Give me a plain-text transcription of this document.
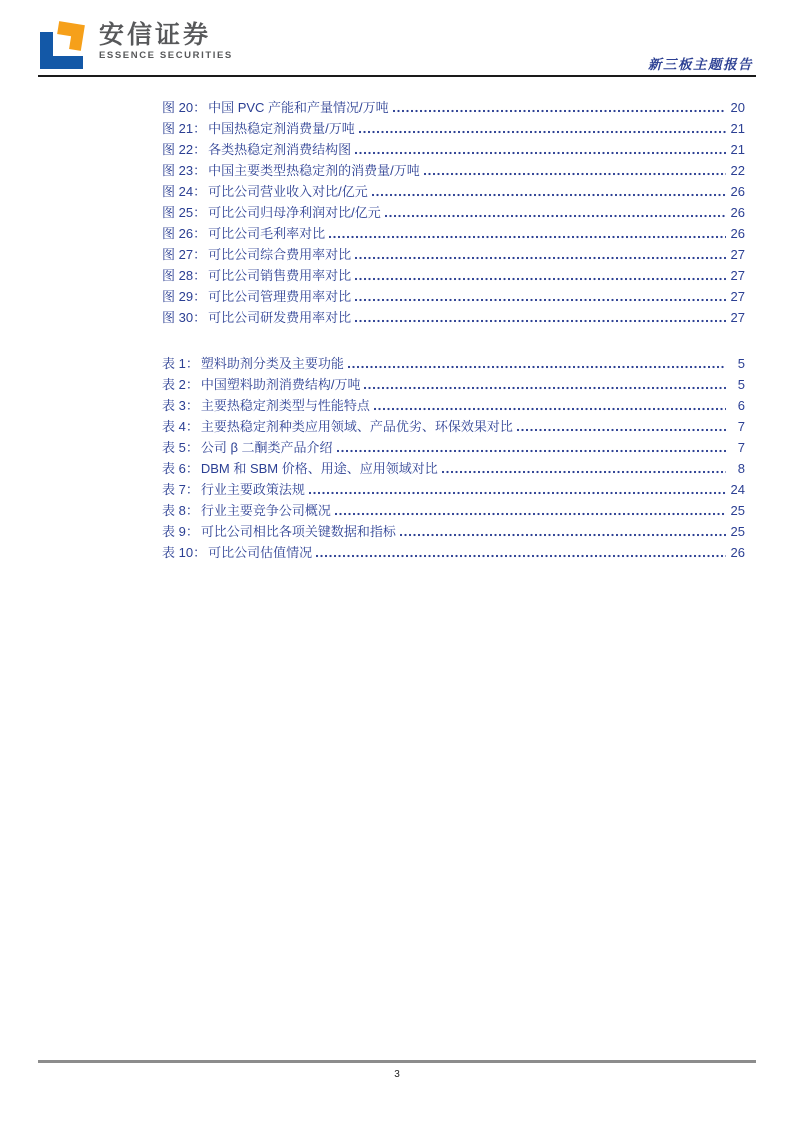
安信证券
ESSENCE SECURITIES
新三板主题报告
图 20： 中国 PVC 产能和产量情况/万吨	20
图 21： 中国热稳定剂消费量/万吨	21
图 22： 各类热稳定剂消费结构图	21
图 23： 中国主要类型热稳定剂的消费量/万吨	22
图 24： 可比公司营业收入对比/亿元	26
图 25： 可比公司归母净利润对比/亿元	26
图 26： 可比公司毛利率对比	26
图 27： 可比公司综合费用率对比	27
图 28： 可比公司销售费用率对比	27
图 29： 可比公司管理费用率对比	27
图 30： 可比公司研发费用率对比	27
表 1： 塑料助剂分类及主要功能	5
表 2： 中国塑料助剂消费结构/万吨	5
表 3： 主要热稳定剂类型与性能特点	6
表 4： 主要热稳定剂种类应用领域、产品优劣、环保效果对比	7
表 5： 公司 β 二酮类产品介绍	7
表 6： DBM 和 SBM 价格、用途、应用领域对比	8
表 7： 行业主要政策法规	24
表 8： 行业主要竞争公司概况	25
表 9： 可比公司相比各项关键数据和指标	25
表 10： 可比公司估值情况	26
3
